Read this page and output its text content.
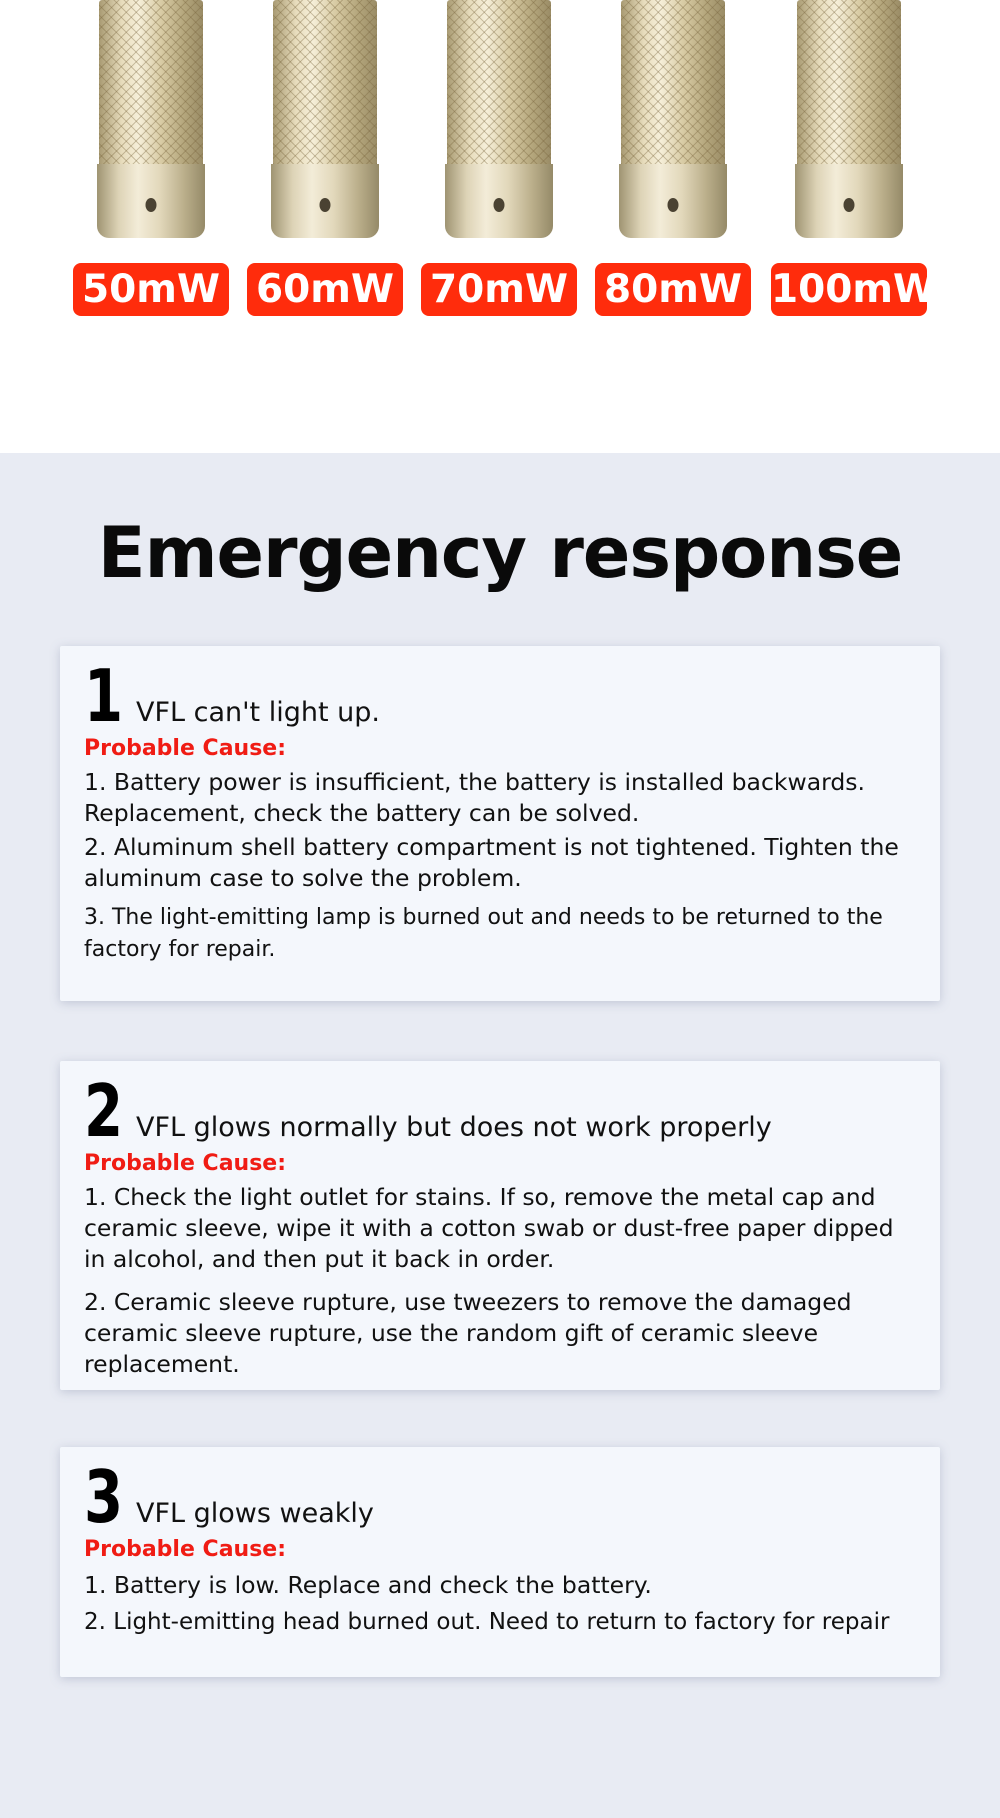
50mW 60mW 70mW 80mW 100mW
Emergency response
1 VFL can't light up.
Probable Cause:
1. Battery power is insufficient, the battery is installed backwards. Replacement, check the battery can be solved.
2. Aluminum shell battery compartment is not tightened. Tighten the aluminum case to solve the problem.
3. The light-emitting lamp is burned out and needs to be returned to the factory for repair.
2 VFL glows normally but does not work properly
Probable Cause:
1. Check the light outlet for stains. If so, remove the metal cap and ceramic sleeve, wipe it with a cotton swab or dust-free paper dipped in alcohol, and then put it back in order.
2. Ceramic sleeve rupture, use tweezers to remove the damaged ceramic sleeve rupture, use the random gift of ceramic sleeve replacement.
3 VFL glows weakly
Probable Cause:
1. Battery is low. Replace and check the battery.
2. Light-emitting head burned out. Need to return to factory for repair
